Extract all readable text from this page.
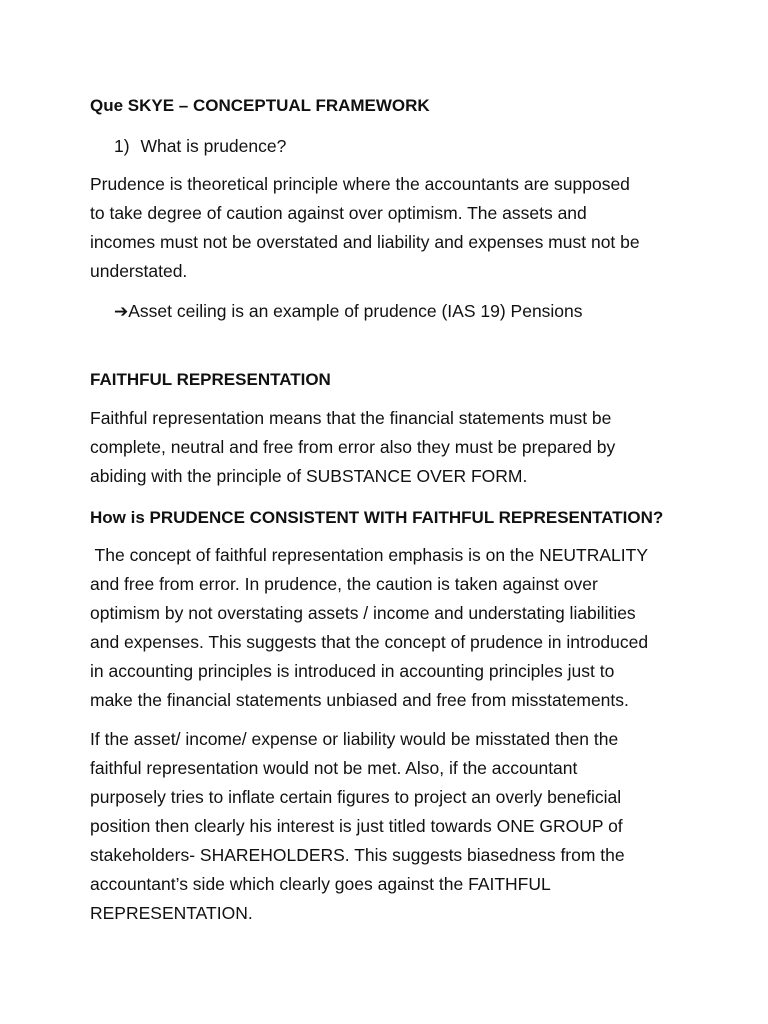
Que SKYE – CONCEPTUAL FRAMEWORK
1) What is prudence?
Prudence is theoretical principle where the accountants are supposed
to take degree of caution against over optimism. The assets and
incomes must not be overstated and liability and expenses must not be
understated.
➔Asset ceiling is an example of prudence (IAS 19) Pensions
FAITHFUL REPRESENTATION
Faithful representation means that the financial statements must be
complete, neutral and free from error also they must be prepared by
abiding with the principle of SUBSTANCE OVER FORM.
How is PRUDENCE CONSISTENT WITH FAITHFUL REPRESENTATION?
The concept of faithful representation emphasis is on the NEUTRALITY
and free from error. In prudence, the caution is taken against over
optimism by not overstating assets / income and understating liabilities
and expenses. This suggests that the concept of prudence in introduced
in accounting principles is introduced in accounting principles just to
make the financial statements unbiased and free from misstatements.
If the asset/ income/ expense or liability would be misstated then the
faithful representation would not be met. Also, if the accountant
purposely tries to inflate certain figures to project an overly beneficial
position then clearly his interest is just titled towards ONE GROUP of
stakeholders- SHAREHOLDERS. This suggests biasedness from the
accountant’s side which clearly goes against the FAITHFUL
REPRESENTATION.
